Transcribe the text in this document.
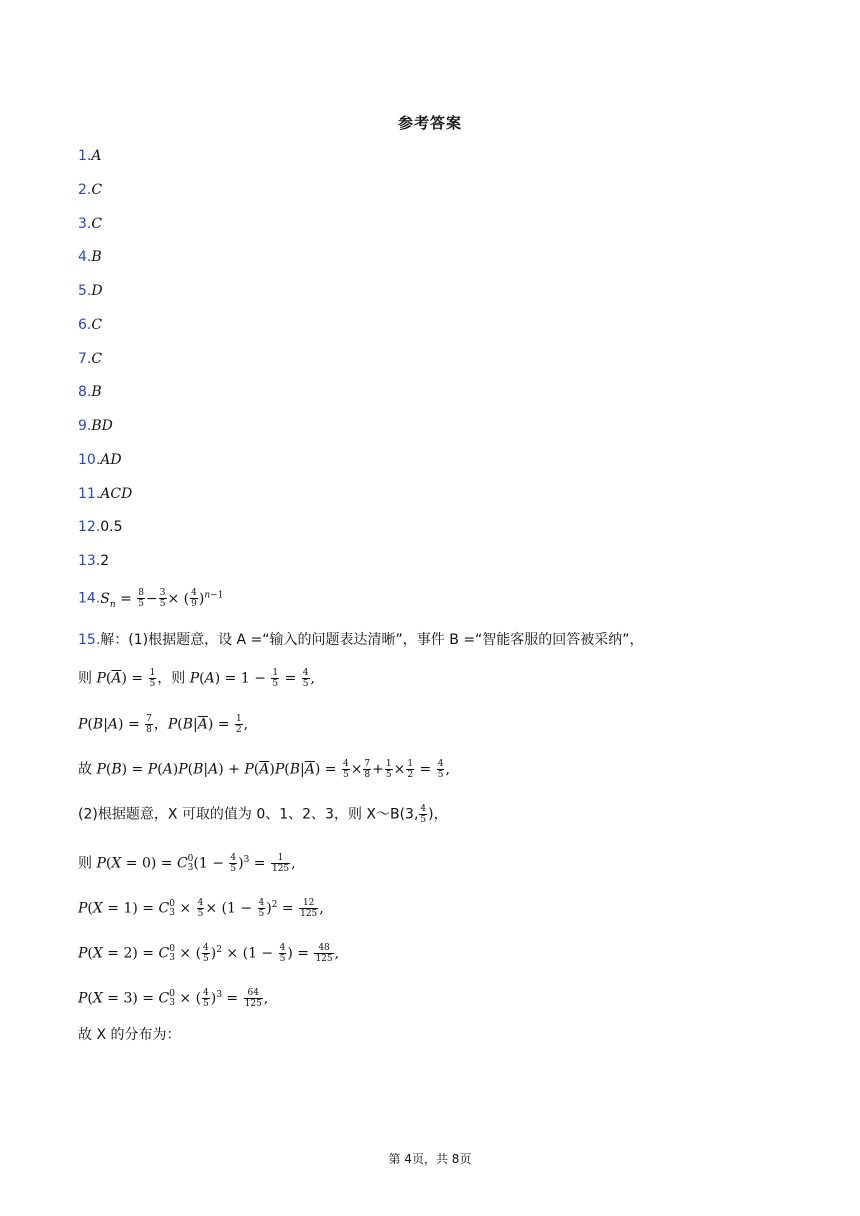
参考答案
1.A
2.C
3.C
4.B
5.D
6.C
7.C
8.B
9.BD
10.AD
11.ACD
12.0.5
13.2
$14.S_n = \frac{8}{5} - \frac{3}{5}$ × ( $\frac{4}{9} )^{n-1}$
15.解：(1)根据题意，设 A =“输入的问题表达清晰”，事件 B =“智能客服的回答被采纳”，
则 $P(\overline{A}) = \frac{1}{5}$ ，则 $P(A) = 1 - \frac{1}{5} = \frac{4}{5}$ ,
$P(B|A) = \frac{7}{8}$ ，$P(B|\overline{A}) = \frac{1}{2}$ ,
故 $P(B) = P(A)P(B|A) + P(\overline{A})P(B|\overline{A}) = \frac{4}{5} \times \frac{7}{8} + \frac{1}{5} \times \frac{1}{2} = \frac{4}{5}$ ,
(2)根据题意，X 可取的值为 0、1、2、3，则 X～B(3, $\frac{4}{5}$ )，
则 P(X = 0) = C 0
3 $(1 - \frac{4}{5} )^3 = \frac{1}{125}$ ,
P(X = 1) = C 0
$3 \times \frac{4}{5} \times (1 - \frac{4}{5} )^2 = \frac{12}{125}$ ,
P(X = 2) = C 0
3 × ( $\frac{4}{5} )^2 \times (1 - \frac{4}{5}$ ) = $\frac{48}{125}$ ,
P(X = 3) = C 0
3 × ( $\frac{4}{5} )^3 = \frac{64}{125}$ ,
故 X 的分布为：
第 4页，共 8页
